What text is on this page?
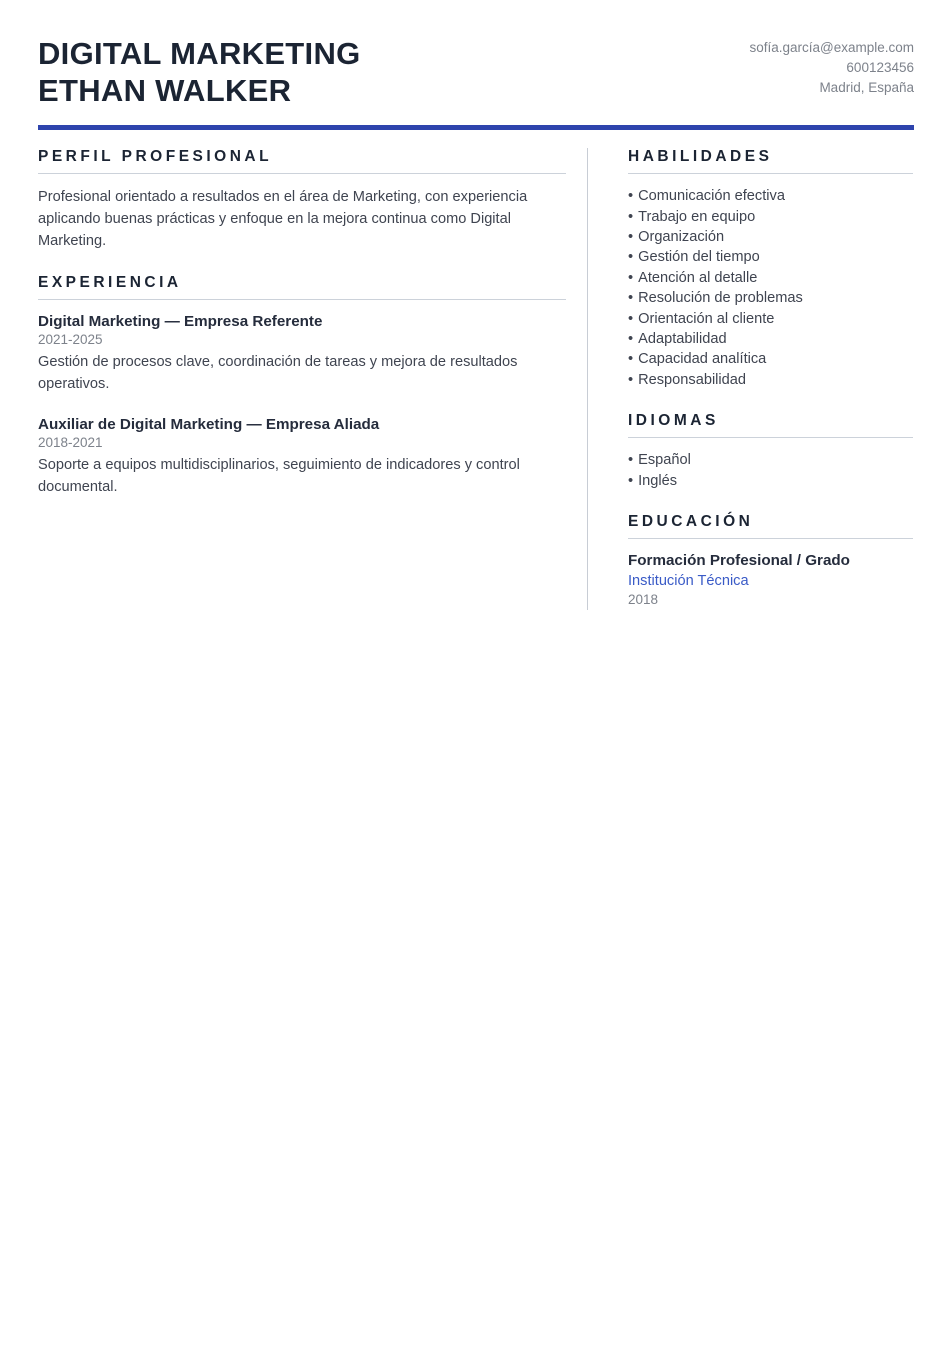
DIGITAL MARKETING
ETHAN WALKER
sofía.garcía@example.com
600123456
Madrid, España
PERFIL PROFESIONAL
Profesional orientado a resultados en el área de Marketing, con experiencia aplicando buenas prácticas y enfoque en la mejora continua como Digital Marketing.
EXPERIENCIA
Digital Marketing — Empresa Referente
2021-2025
Gestión de procesos clave, coordinación de tareas y mejora de resultados operativos.
Auxiliar de Digital Marketing — Empresa Aliada
2018-2021
Soporte a equipos multidisciplinarios, seguimiento de indicadores y control documental.
HABILIDADES
• Comunicación efectiva
• Trabajo en equipo
• Organización
• Gestión del tiempo
• Atención al detalle
• Resolución de problemas
• Orientación al cliente
• Adaptabilidad
• Capacidad analítica
• Responsabilidad
IDIOMAS
• Español
• Inglés
EDUCACIÓN
Formación Profesional / Grado
Institución Técnica
2018
